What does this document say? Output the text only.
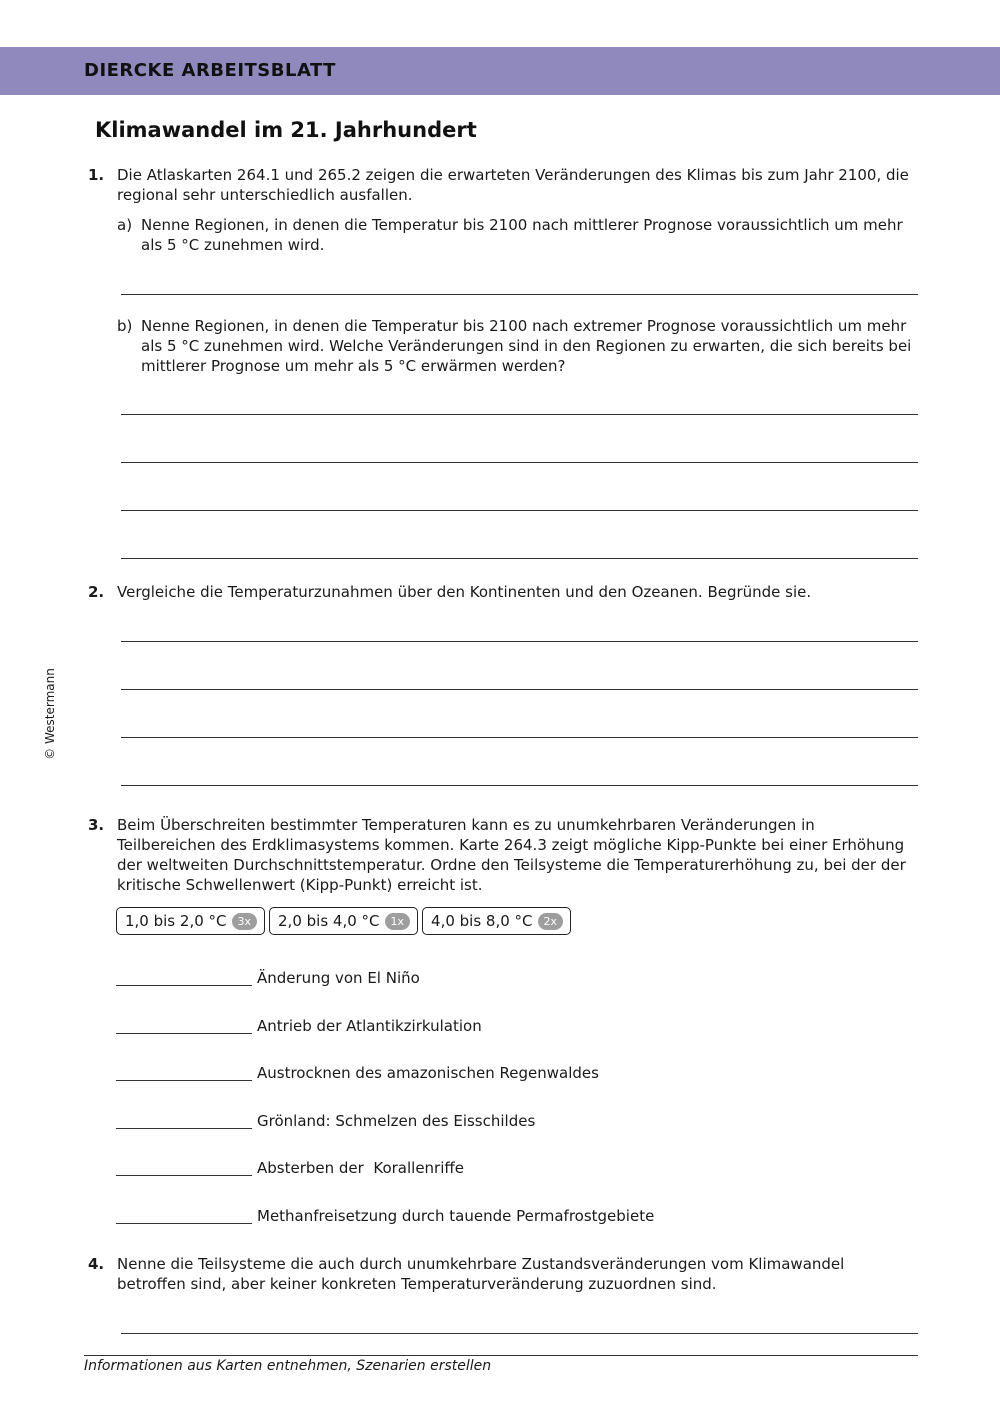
DIERCKE ARBEITSBLATT
Klimawandel im 21. Jahrhundert
© Westermann
1. Die Atlaskarten 264.1 und 265.2 zeigen die erwarteten Veränderungen des Klimas bis zum Jahr 2100, die regional sehr unterschiedlich ausfallen.
a) Nenne Regionen, in denen die Temperatur bis 2100 nach mittlerer Prognose voraussichtlich um mehr als 5 °C zunehmen wird.
b) Nenne Regionen, in denen die Temperatur bis 2100 nach extremer Prognose voraussichtlich um mehr als 5 °C zunehmen wird. Welche Veränderungen sind in den Regionen zu erwarten, die sich bereits bei mittlerer Prognose um mehr als 5 °C erwärmen werden?
2. Vergleiche die Temperaturzunahmen über den Kontinenten und den Ozeanen. Begründe sie.
3. Beim Überschreiten bestimmter Temperaturen kann es zu unumkehrbaren Veränderungen in Teilbereichen des Erdklimasystems kommen. Karte 264.3 zeigt mögliche Kipp-Punkte bei einer Erhöhung der weltweiten Durchschnittstemperatur. Ordne den Teilsysteme die Temperaturerhöhung zu, bei der der kritische Schwellenwert (Kipp-Punkt) erreicht ist.
1,0 bis 2,0 °C	3x	2,0 bis 4,0 °C	1x	4,0 bis 8,0 °C	2x
Änderung von El Niño
Antrieb der Atlantikzirkulation
Austrocknen des amazonischen Regenwaldes
Grönland: Schmelzen des Eisschildes
Absterben der  Korallenriffe
Methanfreisetzung durch tauende Permafrostgebiete
4. Nenne die Teilsysteme die auch durch unumkehrbare Zustandsveränderungen vom Klimawandel betroffen sind, aber keiner konkreten Temperaturveränderung zuzuordnen sind.
Informationen aus Karten entnehmen, Szenarien erstellen
